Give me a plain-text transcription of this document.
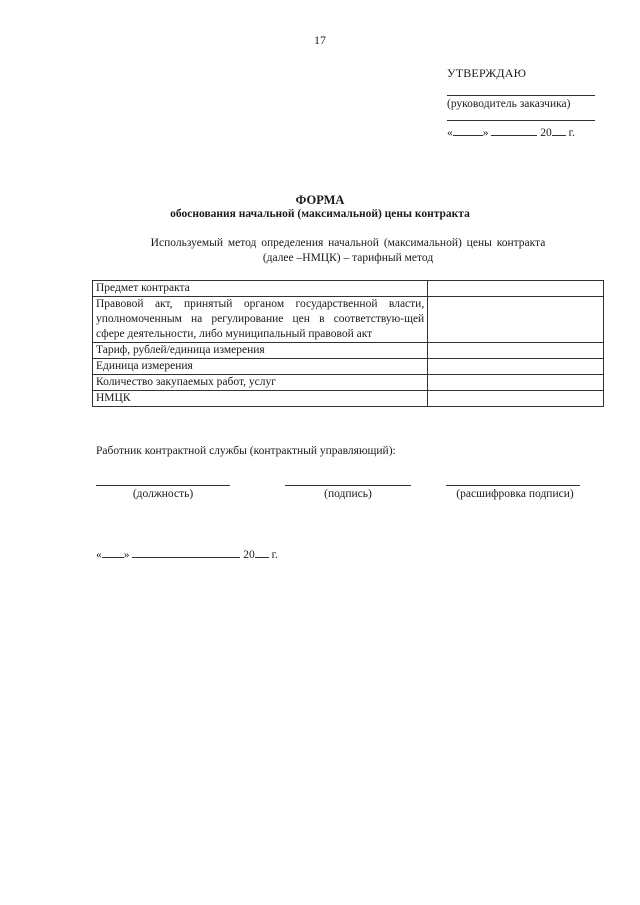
17
УТВЕРЖДАЮ
(руководитель заказчика)
«	»	20 г.
ФОРМА
обоснования начальной (максимальной) цены контракта
Используемый метод определения начальной (максимальной) цены контракта
(далее –НМЦК) – тарифный метод
Предмет контракта	
Правовой акт, принятый органом государственной власти, уполномоченным на регулирование цен в соответствую-щей сфере деятельности, либо муниципальный правовой акт	
Тариф, рублей/единица измерения	
Единица измерения	
Количество закупаемых работ, услуг	
НМЦК	
Работник контрактной службы (контрактный управляющий):
(должность)	(подпись)	(расшифровка подписи)
« »	20 г.
